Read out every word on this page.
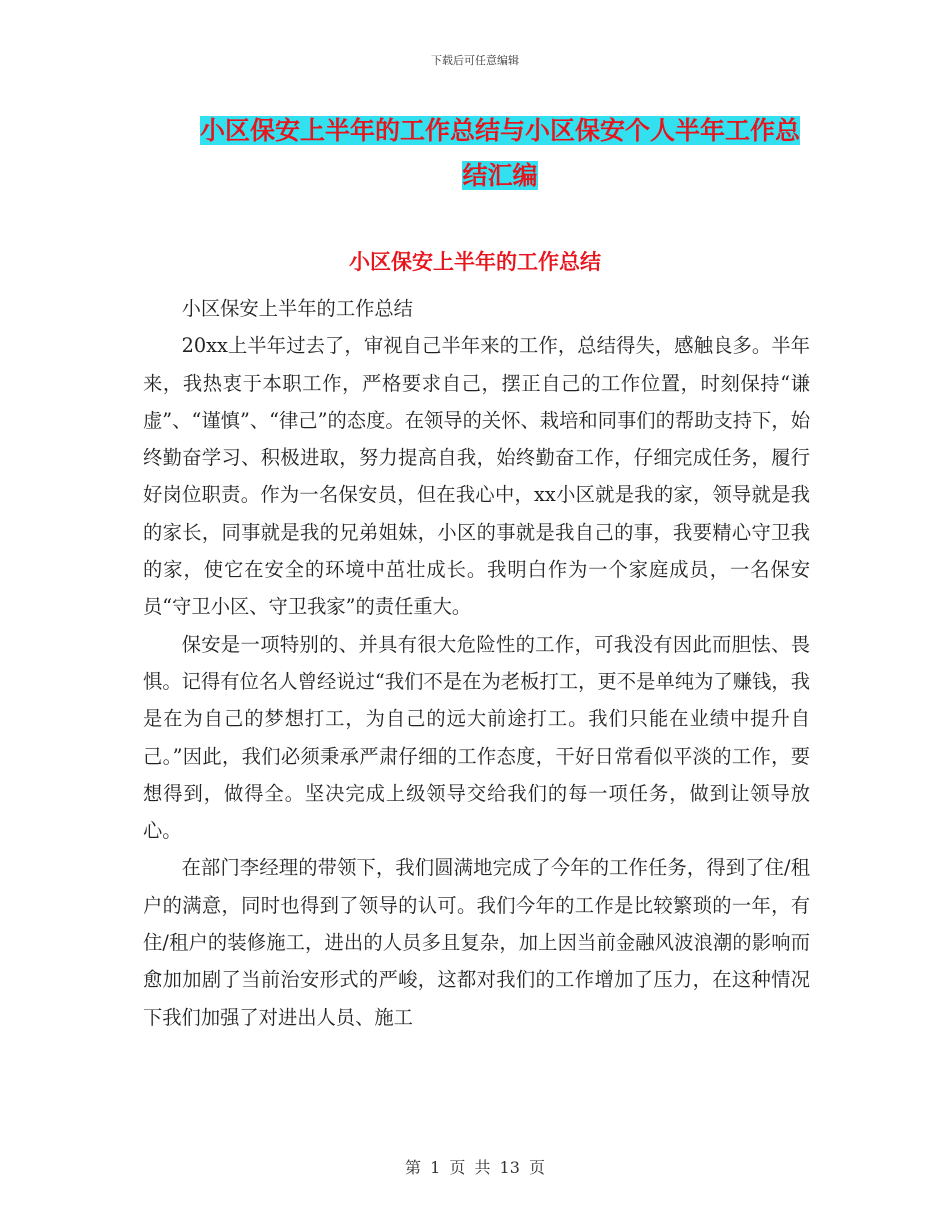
下载后可任意编辑
小区保安上半年的工作总结与小区保安个人半年工作总结汇编
小区保安上半年的工作总结

小区保安上半年的工作总结

20xx上半年过去了，审视自己半年来的工作，总结得失，感触良多。半年来，我热衷于本职工作，严格要求自己，摆正自己的工作位置，时刻保持“谦虚”、“谨慎”、“律己”的态度。在领导的关怀、栽培和同事们的帮助支持下，始终勤奋学习、积极进取，努力提高自我，始终勤奋工作，仔细完成任务，履行好岗位职责。作为一名保安员，但在我心中，xx小区就是我的家，领导就是我的家长，同事就是我的兄弟姐妹，小区的事就是我自己的事，我要精心守卫我的家，使它在安全的环境中茁壮成长。我明白作为一个家庭成员，一名保安员“守卫小区、守卫我家”的责任重大。

保安是一项特别的、并具有很大危险性的工作，可我没有因此而胆怯、畏惧。记得有位名人曾经说过“我们不是在为老板打工，更不是单纯为了赚钱，我是在为自己的梦想打工，为自己的远大前途打工。我们只能在业绩中提升自己。”因此，我们必须秉承严肃仔细的工作态度，干好日常看似平淡的工作，要想得到，做得全。坚决完成上级领导交给我们的每一项任务，做到让领导放心。

在部门李经理的带领下，我们圆满地完成了今年的工作任务，得到了住/租户的满意，同时也得到了领导的认可。我们今年的工作是比较繁琐的一年，有住/租户的装修施工，进出的人员多且复杂，加上因当前金融风波浪潮的影响而愈加加剧了当前治安形式的严峻，这都对我们的工作增加了压力，在这种情况下我们加强了对进出人员、施工

第 1 页 共 13 页
